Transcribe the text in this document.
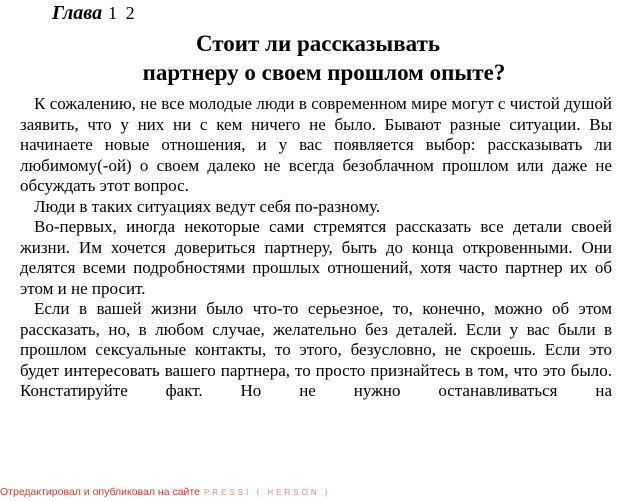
Глава 1 2
Стоит ли рассказывать
партнеру о своем прошлом опыте?

К сожалению, не все молодые люди в современном мире могут с чистой душой заявить, что у них ни с кем ничего не было. Бывают разные ситуации. Вы начинаете новые отношения, и у вас появляется выбор: рассказывать ли любимому(-ой) о своем далеко не всегда безоблачном прошлом или даже не обсуждать этот вопрос.

Люди в таких ситуациях ведут себя по-разному.

Во-первых, иногда некоторые сами стремятся рассказать все детали своей жизни. Им хочется довериться партнеру, быть до конца откровенными. Они делятся всеми подробностями прошлых отношений, хотя часто партнер их об этом и не просит.

Если в вашей жизни было что-то серьезное, то, конечно, можно об этом рассказать, но, в любом случае, желательно без деталей. Если у вас были в прошлом сексуальные контакты, то этого, безусловно, не скроешь. Если это будет интересовать вашего партнера, то просто признайтесь в том, что это было. Констатируйте факт. Но не нужно останавливаться на

Отредактировал и опубликовал на сайте PRESSI ( HERSON )
